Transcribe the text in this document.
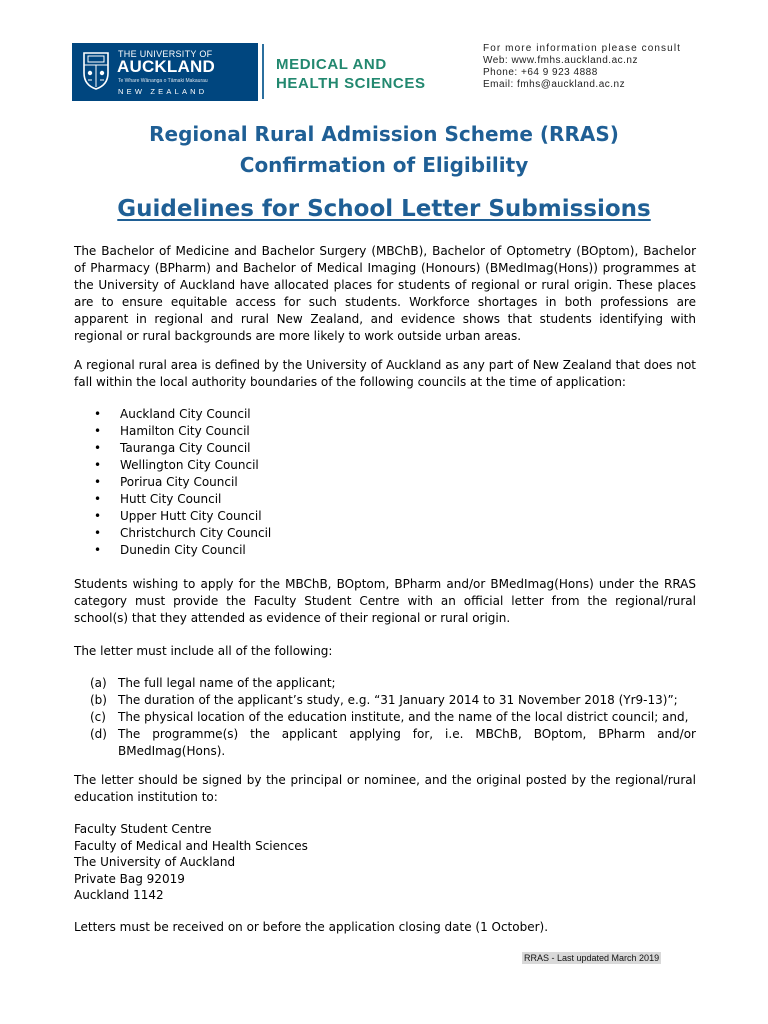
THE UNIVERSITY OF
AUCKLAND
Te Whare Wānanga o Tāmaki Makaurau
NEW ZEALAND
MEDICAL AND
HEALTH SCIENCES
For more information please consult
Web: www.fmhs.auckland.ac.nz
Phone: +64 9 923 4888
Email: fmhs@auckland.ac.nz
Regional Rural Admission Scheme (RRAS)
Confirmation of Eligibility
Guidelines for School Letter Submissions

The Bachelor of Medicine and Bachelor Surgery (MBChB), Bachelor of Optometry (BOptom), Bachelor of Pharmacy (BPharm) and Bachelor of Medical Imaging (Honours) (BMedImag(Hons)) programmes at the University of Auckland have allocated places for students of regional or rural origin. These places are to ensure equitable access for such students. Workforce shortages in both professions are apparent in regional and rural New Zealand, and evidence shows that students identifying with regional or rural backgrounds are more likely to work outside urban areas.

A regional rural area is defined by the University of Auckland as any part of New Zealand that does not fall within the local authority boundaries of the following councils at the time of application:

• Auckland City Council
• Hamilton City Council
• Tauranga City Council
• Wellington City Council
• Porirua City Council
• Hutt City Council
• Upper Hutt City Council
• Christchurch City Council
• Dunedin City Council

Students wishing to apply for the MBChB, BOptom, BPharm and/or BMedImag(Hons) under the RRAS category must provide the Faculty Student Centre with an official letter from the regional/rural school(s) that they attended as evidence of their regional or rural origin.

The letter must include all of the following:

(a) The full legal name of the applicant;
(b) The duration of the applicant’s study, e.g. “31 January 2014 to 31 November 2018 (Yr9-13)”;
(c) The physical location of the education institute, and the name of the local district council; and,
(d) The programme(s) the applicant applying for, i.e. MBChB, BOptom, BPharm and/or BMedImag(Hons).

The letter should be signed by the principal or nominee, and the original posted by the regional/rural education institution to:

Faculty Student Centre
Faculty of Medical and Health Sciences
The University of Auckland
Private Bag 92019
Auckland 1142

Letters must be received on or before the application closing date (1 October).

RRAS - Last updated March 2019
